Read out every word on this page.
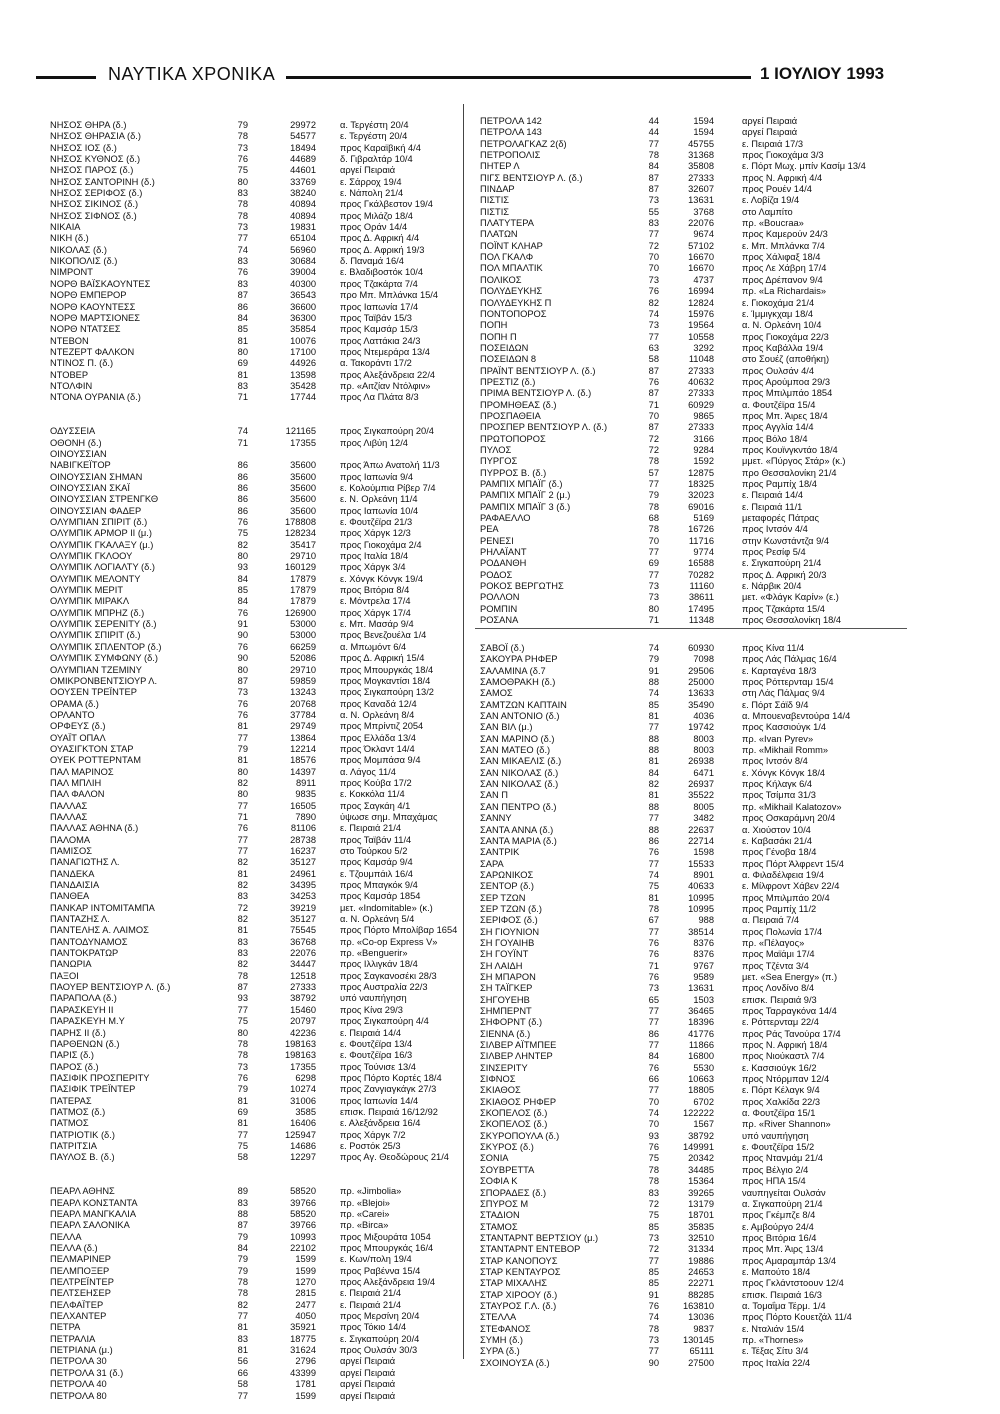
ΝΑΥΤΙΚΑ ΧΡΟΝΙΚΑ	1 ΙΟΥΛΙΟΥ 1993
ΝΗΣΟΣ ΘΗΡΑ (δ.)	79	29972	α. Τεργέστη 20/4
ΝΗΣΟΣ ΘΗΡΑΣΙΑ (δ.)	78	54577	ε. Τεργέστη 20/4
ΝΗΣΟΣ ΙΟΣ (δ.)	73	18494	προς Καραϊβική 4/4
ΝΗΣΟΣ ΚΥΘΝΟΣ (δ.)	76	44689	δ. Γιβραλτάρ 10/4
ΝΗΣΟΣ ΠΑΡΟΣ (δ.)	75	44601	αργεί Πειραιά
ΝΗΣΟΣ ΣΑΝΤΟΡΙΝΗ (δ.)	80	33769	ε. Σάρροχ 19/4
ΝΗΣΟΣ ΣΕΡΙΦΟΣ (δ.)	83	38240	ε. Νάπολη 21/4
ΝΗΣΟΣ ΣΙΚΙΝΟΣ (δ.)	78	40894	προς Γκάλβεστον 19/4
ΝΗΣΟΣ ΣΙΦΝΟΣ (δ.)	78	40894	προς Μιλάζο 18/4
ΝΙΚΑΙΑ	73	19831	προς Οράν 14/4
ΝΙΚΗ (δ.)	77	65104	προς Δ. Αφρική 4/4
ΝΙΚΟΛΑΣ (δ.)	74	56960	προς Δ. Αφρική 19/3
ΝΙΚΟΠΟΛΙΣ (δ.)	83	30684	δ. Παναμά 16/4
ΝΙΜΡΟΝΤ	76	39004	ε. Βλαδιβοστόκ 10/4
ΝΟΡΘ ΒΑΪΣΚΑΟΥΝΤΕΣ	83	40300	προς Τζακάρτα 7/4
ΝΟΡΘ ΕΜΠΕΡΟΡ	87	36543	προ Μπ. Μπλάνκα 15/4
ΝΟΡΘ ΚΑΟΥΝΤΕΣΣ	86	36600	προς Ιαπωνία 17/4
ΝΟΡΘ ΜΑΡΤΣΙΟΝΕΣ	84	36300	προς Ταϊβάν 15/3
ΝΟΡΘ ΝΤΑΤΣΕΣ	85	35854	προς Καμσάρ 15/3
ΝΤΕΒΟΝ	81	10076	προς Λαττάκια 24/3
ΝΤΕΖΕΡΤ ΦΑΛΚΟΝ	80	17100	προς Ντεμεράρα 13/4
ΝΤΙΝΟΣ Π. (δ.)	69	44926	α. Τακοράντι 17/2
ΝΤΟΒΕΡ	81	13598	προς Αλεξάνδρεια 22/4
ΝΤΟΛΦΙΝ	83	35428	πρ. «Αιτζίαν Ντόλφιν»
ΝΤΟΝΑ ΟΥΡΑΝΙΑ (δ.)	71	17744	προς Λα Πλάτα 8/3
ΟΔΥΣΣΕΙΑ	74	121165	προς Σιγκαπούρη 20/4
ΟΘΟΝΗ (δ.)	71	17355	προς Λιβύη 12/4
ΟΙΝΟΥΣΣΙΑΝ
ΝΑΒΙΓΚΕΪΤΟΡ	86	35600	προς Άπω Ανατολή 11/3
ΟΙΝΟΥΣΣΙΑΝ ΣΗΜΑΝ	86	35600	προς Ιαπωνία 9/4
ΟΙΝΟΥΣΣΙΑΝ ΣΚΑΪ	86	35600	ε. Κολούμπια Ρίβερ 7/4
ΟΙΝΟΥΣΣΙΑΝ ΣΤΡΕΝΓΚΘ	86	35600	ε. Ν. Ορλεάνη 11/4
ΟΙΝΟΥΣΣΙΑΝ ΦΑΔΕΡ	86	35600	προς Ιαπωνία 10/4
ΟΛΥΜΠΙΑΝ ΣΠΙΡΙΤ (δ.)	76	178808	ε. Φουτζέϊρα 21/3
ΟΛΥΜΠΙΚ ΑΡΜΟΡ ΙΙ (μ.)	75	128234	προς Χάργκ 12/3
ΟΛΥΜΠΙΚ ΓΚΑΛΑΞΥ (μ.)	82	35417	προς Γιοκοχάμα 2/4
ΟΛΥΜΠΙΚ ΓΚΛΟΟΥ	80	29710	προς Ιταλία 18/4
ΟΛΥΜΠΙΚ ΛΟΓΙΑΛΤΥ (δ.)	93	160129	προς Χάργκ 3/4
ΟΛΥΜΠΙΚ ΜΕΛΟΝΤΥ	84	17879	ε. Χόνγκ Κόνγκ 19/4
ΟΛΥΜΠΙΚ ΜΕΡΙΤ	85	17879	προς Βιτόρια 8/4
ΟΛΥΜΠΙΚ ΜΙΡΑΚΛ	84	17879	ε. Μόντρελα 17/4
ΟΛΥΜΠΙΚ ΜΠΡΗΖ (δ.)	76	126900	προς Χάργκ 17/4
ΟΛΥΜΠΙΚ ΣΕΡΕΝΙΤΥ (δ.)	91	53000	ε. Μπ. Μασάρ 9/4
ΟΛΥΜΠΙΚ ΣΠΙΡΙΤ (δ.)	90	53000	προς Βενεζουέλα 1/4
ΟΛΥΜΠΙΚ ΣΠΛΕΝΤΟΡ (δ.)	76	66259	α. Μπωμόντ 6/4
ΟΛΥΜΠΙΚ ΣΥΜΦΩΝΥ (δ.)	90	52086	προς Δ. Αφρική 15/4
ΟΛΥΜΠΙΑΝ ΤΖΕΜΙΝΥ	80	29710	προς Μπουργκάς 18/4
ΟΜΙΚΡΟΝΒΕΝΤΣΙΟΥΡ Λ.	87	59859	προς Μογκαντίσι 18/4
ΟΟΥΣΕΝ ΤΡΕΪΝΤΕΡ	73	13243	προς Σιγκαπούρη 13/2
ΟΡΑΜΑ (δ.)	76	20768	προς Καναδά 12/4
ΟΡΛΑΝΤΟ	76	37784	α. Ν. Ορλεάνη 8/4
ΟΡΦΕΥΣ (δ.)	81	29749	προς Μπρίντιζ 2054
ΟΥΑΪΤ ΟΠΑΛ	77	13864	προς Ελλάδα 13/4
ΟΥΑΣΙΓΚΤΟΝ ΣΤΑΡ	79	12214	προς Όκλαντ 14/4
ΟΥΕΚ ΡΟΤΤΕΡΝΤΑΜ	81	18576	προς Μομπάσα 9/4
ΠΑΛ ΜΑΡΙΝΟΣ	80	14397	α. Λάγος 11/4
ΠΑΛ ΜΠΛΙΗ	82	8911	προς Κούβα 17/2
ΠΑΛ ΦΑΛΟΝ	80	9835	ε. Κοκκόλα 11/4
ΠΑΛΛΑΣ	77	16505	προς Σαγκάη 4/1
ΠΑΛΛΑΣ	71	7890	ύψωσε σημ. Μπαχάμας
ΠΑΛΛΑΣ ΑΘΗΝΑ (δ.)	76	81106	ε. Πειραιά 21/4
ΠΑΛΟΜΑ	77	28738	προς Ταϊβάν 11/4
ΠΑΜΙΣΟΣ	77	16237	στο Τούρκου 5/2
ΠΑΝΑΓΙΩΤΗΣ Λ.	82	35127	προς Καμσάρ 9/4
ΠΑΝΔΕΚΑ	81	24961	ε. Τζουμπάιλ 16/4
ΠΑΝΔΑΙΣΙΑ	82	34395	προς Μπαγκόκ 9/4
ΠΑΝΘΕΑ	83	34253	προς Καμσάρ 1854
ΠΑΝΚΑΡ ΙΝΤΟΜΙΤΑΜΠΑ	72	39219	μετ. «Indomitable» (κ.)
ΠΑΝΤΑΖΗΣ Λ.	82	35127	α. Ν. Ορλεάνη 5/4
ΠΑΝΤΕΛΗΣ Α. ΛΑΙΜΟΣ	81	75545	προς Πόρτο Μπολίβαρ 1654
ΠΑΝΤΟΔΥΝΑΜΟΣ	83	36768	πρ. «Co-op Express V»
ΠΑΝΤΟΚΡΑΤΩΡ	83	22076	πρ. «Benguerir»
ΠΑΝΩΡΙΑ	82	34447	προς Ιλλιγκάν 18/4
ΠΑΞΟΙ	78	12518	προς Σαγκανοσέκι 28/3
ΠΑΟΥΕΡ ΒΕΝΤΣΙΟΥΡ Λ. (δ.)	87	27333	προς Αυστραλία 22/3
ΠΑΡΑΠΟΛΑ (δ.)	93	38792	υπό ναυπήγηση
ΠΑΡΑΣΚΕΥΗ ΙΙ	77	15460	προς Κίνα 29/3
ΠΑΡΑΣΚΕΥΗ Μ.Υ	75	20797	προς Σιγκαπούρη 4/4
ΠΑΡΗΣ ΙΙ (δ.)	80	42236	ε. Πειραιά 14/4
ΠΑΡΘΕΝΩΝ (δ.)	78	198163	ε. Φουτζέϊρα 13/4
ΠΑΡΙΣ (δ.)	78	198163	ε. Φουτζέϊρα 16/3
ΠΑΡΟΣ (δ.)	73	17355	προς Τούνισε 13/4
ΠΑΣΙΦΙΚ ΠΡΟΣΠΕΡΙΤΥ	76	6298	προς Πόρτο Κορτές 18/4
ΠΑΣΙΦΙΚ ΤΡΕΪΝΤΕΡ	79	10274	προς Ζανγιαγκάγκ 27/3
ΠΑΤΕΡΑΣ	81	31006	προς Ιαπωνία 14/4
ΠΑΤΜΟΣ (δ.)	69	3585	επισκ. Πειραιά 16/12/92
ΠΑΤΜΟΣ	81	16406	ε. Αλεξάνδρεια 16/4
ΠΑΤΡΙΟΤΙΚ (δ.)	77	125947	προς Χάργκ 7/2
ΠΑΤΡΙΤΣΙΑ	75	14686	ε. Ροστόκ 25/3
ΠΑΥΛΟΣ Β. (δ.)	58	12297	προς Αγ. Θεοδώρους 21/4
ΠΕΑΡΛ ΑΘΗΝΣ	89	58520	πρ. «Jimbolia»
ΠΕΑΡΛ ΚΟΝΣΤΑΝΤΑ	83	39766	πρ. «Blejoi»
ΠΕΑΡΛ ΜΑΝΓΚΑΛΙΑ	88	58520	πρ. «Carei»
ΠΕΑΡΛ ΣΑΛΟΝΙΚΑ	87	39766	πρ. «Birca»
ΠΕΛΛΑ	79	10993	προς Μιξουράτα 1054
ΠΕΛΛΑ (δ.)	84	22102	προς Μπουργκάς 16/4
ΠΕΛΜΑΡΙΝΕΡ	79	1599	ε. Κων/πολη 19/4
ΠΕΛΜΠΟΞΕΡ	79	1599	προς Ραβέννα 15/4
ΠΕΛΤΡΕΪΝΤΕΡ	78	1270	προς Αλεξάνδρεια 19/4
ΠΕΛΤΣΕΗΣΕΡ	78	2815	ε. Πειραιά 21/4
ΠΕΛΦΑΪΤΕΡ	82	2477	ε. Πειραιά 21/4
ΠΕΛΧΑΝΤΕΡ	77	4050	προς Μερσίνη 20/4
ΠΕΤΡΑ	81	35921	προς Τόκιο 14/4
ΠΕΤΡΑΛΙΑ	83	18775	ε. Σιγκαπούρη 20/4
ΠΕΤΡΙΑΝΑ (μ.)	81	31624	προς Ουλσάν 30/3
ΠΕΤΡΟΛΑ 30	56	2796	αργεί Πειραιά
ΠΕΤΡΟΛΑ 31 (δ.)	66	43399	αργεί Πειραιά
ΠΕΤΡΟΛΑ 40	58	1781	αργεί Πειραιά
ΠΕΤΡΟΛΑ 80	77	1599	αργεί Πειραιά
ΠΕΤΡΟΛΑ 142	44	1594	αργεί Πειραιά
ΠΕΤΡΟΛΑ 143	44	1594	αργεί Πειραιά
ΠΕΤΡΟΛΑΓΚΑΖ 2(δ)	77	45755	ε. Πειραιά 17/3
ΠΕΤΡΟΠΟΛΙΣ	78	31368	προς Γιοκοχάμα 3/3
ΠΗΤΕΡ Λ	84	35808	ε. Πόρτ Μωχ. μπίν Κασίμ 13/4
ΠΙΓΣ ΒΕΝΤΣΙΟΥΡ Λ. (δ.)	87	27333	προς Ν. Αφρική 4/4
ΠΙΝΔΑΡ	87	32607	προς Ρουέν 14/4
ΠΙΣΤΙΣ	73	13631	ε. Λοβίζα 19/4
ΠΙΣΤΙΣ	55	3768	στο Λαμπίτο
ΠΛΑΤΥΤΕΡΑ	83	22076	πρ. «Boucraa»
ΠΛΑΤΩΝ	77	9674	προς Καμερούν 24/3
ΠΟΪΝΤ ΚΛΗΑΡ	72	57102	ε. Μπ. Μπλάνκα 7/4
ΠΟΛ ΓΚΑΛΦ	70	16670	προς Χάλιφαξ 18/4
ΠΟΛ ΜΠΑΛΤΙΚ	70	16670	προς Λε Χάβρη 17/4
ΠΟΛΙΚΟΣ	73	4737	προς Δρέπανον 9/4
ΠΟΛΥΔΕΥΚΗΣ	76	16994	πρ. «La Richardais»
ΠΟΛΥΔΕΥΚΗΣ Π	82	12824	ε. Γιοκοχάμα 21/4
ΠΟΝΤΟΠΟΡΟΣ	74	15976	ε. Ίμμιγκχαμ 18/4
ΠΟΠΗ	73	19564	α. Ν. Ορλεάνη 10/4
ΠΟΠΗ Π	77	10558	προς Γιοκοχάμα 22/3
ΠΟΣΕΙΔΩΝ	63	3292	προς Καβάλλα 19/4
ΠΟΣΕΙΔΩΝ 8	58	11048	στο Σουέζ (αποθήκη)
ΠΡΑΪΝΤ ΒΕΝΤΣΙΟΥΡ Λ. (δ.)	87	27333	προς Ουλσάν 4/4
ΠΡΕΣΤΙΖ (δ.)	76	40632	προς Αρούμποα 29/3
ΠΡΙΜΑ ΒΕΝΤΣΙΟΥΡ Λ. (δ.)	87	27333	προς Μπιλμπάο 1854
ΠΡΟΜΗΘΕΑΣ (δ.)	71	60929	α. Φουτζέϊρα 15/4
ΠΡΟΣΠΑΘΕΙΑ	70	9865	προς Μπ. Άιρες 18/4
ΠΡΟΣΠΕΡ ΒΕΝΤΣΙΟΥΡ Λ. (δ.)	87	27333	προς Αγγλία 14/4
ΠΡΩΤΟΠΟΡΟΣ	72	3166	προς Βόλο 18/4
ΠΥΛΟΣ	72	9284	προς Κουϊνγκντάο 18/4
ΠΥΡΓΟΣ	78	1592	μμετ. «Πύργος Στάρ» (κ.)
ΠΥΡΡΟΣ Β. (δ.)	57	12875	προ Θεσσαλονίκη 21/4
ΡΑΜΠΙΧ ΜΠΑΪΓ (δ.)	77	18325	προς Ραμπίχ 18/4
ΡΑΜΠΙΧ ΜΠΑΪΓ 2 (μ.)	79	32023	ε. Πειραιά 14/4
ΡΑΜΠΙΧ ΜΠΑΪΓ 3 (δ.)	78	69016	ε. Πειραιά 11/1
ΡΑΦΑΕΛΛΟ	68	5169	μεταφορές Πάτρας
ΡΕΑ	78	16726	προς Ιντσόν 4/4
ΡΕΝΕΣΙ	70	11716	στην Κωνστάντζα 9/4
ΡΗΛΑΪΑΝΤ	77	9774	προς Ρεσίφ 5/4
ΡΟΔΑΝΘΗ	69	16588	ε. Σιγκαπούρη 21/4
ΡΟΔΟΣ	77	70282	προς Δ. Αφρική 20/3
ΡΟΚΟΣ ΒΕΡΓΩΤΗΣ	73	11160	ε. Νάρβικ 20/4
ΡΟΛΛΟΝ	73	38611	μετ. «Φλάγκ Καρίν» (ε.)
ΡΟΜΠΙΝ	80	17495	προς Τζακάρτα 15/4
ΡΟΣΑΝΑ	71	11348	προς Θεσσαλονίκη 18/4
ΣΑΒΟΪ (δ.)	74	60930	προς Κίνα 11/4
ΣΑΚΟΥΡΑ ΡΗΦΕΡ	79	7098	προς Λάς Πάλμας 16/4
ΣΑΛΑΜΙΝΑ (δ.7	91	29506	ε. Καρταγένα 18/3
ΣΑΜΟΘΡΑΚΗ (δ.)	88	25000	προς Ρόττερνταμ 15/4
ΣΑΜΟΣ	74	13633	στη Λάς Πάλμας 9/4
ΣΑΜΤΖΩΝ ΚΑΠΤΑΙΝ	85	35490	ε. Πόρτ Σάϊδ 9/4
ΣΑΝ ΑΝΤΟΝΙΟ (δ.)	81	4036	α. Μπουεναβεντούρα 14/4
ΣΑΝ ΒΙΛ (μ.)	77	19742	προς Κασσιούγκ 1/4
ΣΑΝ ΜΑΡΙΝΟ (δ.)	88	8003	πρ. «Ivan Pyrev»
ΣΑΝ ΜΑΤΕΟ (δ.)	88	8003	πρ. «Mikhail Romm»
ΣΑΝ ΜΙΚΑΕΛΙΣ (δ.)	81	26938	προς Ιντσόν 8/4
ΣΑΝ ΝΙΚΟΛΑΣ (δ.)	84	6471	ε. Χόνγκ Κόνγκ 18/4
ΣΑΝ ΝΙΚΟΛΑΣ (δ.)	82	26937	προς Κήλαγκ 6/4
ΣΑΝ Π	81	35522	προς Τσίμπα 31/3
ΣΑΝ ΠΕΝΤΡΟ (δ.)	88	8005	πρ. «Mikhail Kalatozov»
ΣΑΝΝΥ	77	3482	προς Οσκαράμνη 20/4
ΣΑΝΤΑ ΑΝΝΑ (δ.)	88	22637	α. Χιούστον 10/4
ΣΑΝΤΑ ΜΑΡΙΑ (δ.)	86	22714	ε. Καβασάκι 21/4
ΣΑΝΤΡΙΚ	76	1598	προς Γένοβα 18/4
ΣΑΡΑ	77	15533	προς Πόρτ Άλφρεντ 15/4
ΣΑΡΩΝΙΚΟΣ	74	8901	α. Φιλαδέλφεια 19/4
ΣΕΝΤΟΡ (δ.)	75	40633	ε. Μίλφροντ Χάβεν 22/4
ΣΕΡ ΤΖΩΝ	81	10995	προς Μπιλμπάο 20/4
ΣΕΡ ΤΖΩΝ (δ.)	78	10995	προς Ραμπίχ 11/2
ΣΕΡΙΦΟΣ (δ.)	67	988	α. Πειραιά 7/4
ΣΗ ΓΙΟΥΝΙΟΝ	77	38514	προς Πολωνία 17/4
ΣΗ ΓΟΥΑΙΗΒ	76	8376	πρ. «Πέλαγος»
ΣΗ ΓΟΥΪΝΤ	76	8376	προς Μαϊάμι 17/4
ΣΗ ΛΑΙΔΗ	71	9767	προς Τζέντα 3/4
ΣΗ ΜΠΑΡΟΝ	76	9589	μετ. «Sea Energy» (π.)
ΣΗ ΤΑΪΓΚΕΡ	73	13631	προς Λονδίνο 8/4
ΣΗΓΟΥΕΗΒ	65	1503	επισκ. Πειραιά 9/3
ΣΗΜΠΕΡΝΤ	77	36465	προς Ταρραγκόνα 14/4
ΣΗΦΟΡΝΤ (δ.)	77	18396	ε. Ρόττερνταμ 22/4
ΣΙΕΝΝΑ (δ.)	86	41776	προς Ράς Τανούρα 17/4
ΣΙΛΒΕΡ ΑΪΤΜΠΕΕ	77	11866	προς Ν. Αφρική 18/4
ΣΙΛΒΕΡ ΛΗΝΤΕΡ	84	16800	προς Νιούκαστλ 7/4
ΣΙΝΣΕΡΙΤΥ	76	5530	ε. Κασσιούγκ 16/2
ΣΙΦΝΟΣ	66	10663	προς Ντόρμπαν 12/4
ΣΚΙΑΘΟΣ	77	18805	ε. Πόρτ Κέλαγκ 9/4
ΣΚΙΑΘΟΣ ΡΗΦΕΡ	70	6702	προς Χαλκίδα 22/3
ΣΚΟΠΕΛΟΣ (δ.)	74	122222	α. Φουτζέϊρα 15/1
ΣΚΟΠΕΛΟΣ (δ.)	70	1567	πρ. «River Shannon»
ΣΚΥΡΟΠΟΥΛΑ (δ.)	93	38792	υπό ναυπήγηση
ΣΚΥΡΟΣ (δ.)	76	149991	ε. Φουτζέϊρα 15/2
ΣΟΝΙΑ	75	20342	προς Ντανμάμ 21/4
ΣΟΥΒΡΕΤΤΑ	78	34485	προς Βέλγιο 2/4
ΣΟΦΙΑ Κ	78	15364	προς ΗΠΑ 15/4
ΣΠΟΡΑΔΕΣ (δ.)	83	39265	ναυπηγείται Ουλσάν
ΣΠΥΡΟΣ Μ	72	13179	α. Σιγκαπούρη 21/4
ΣΤΑΔΙΟΝ	75	18701	προς Γκέμπζε 8/4
ΣΤΑΜΟΣ	85	35835	ε. Αμβούργο 24/4
ΣΤΑΝΤΑΡΝΤ ΒΕΡΤΣΙΟΥ (μ.)	73	32510	προς Βιτόρια 16/4
ΣΤΑΝΤΑΡΝΤ ΕΝΤΕΒΟΡ	72	31334	προς Μπ. Άιρς 13/4
ΣΤΑΡ ΚΑΝΟΠΟΥΣ	77	19886	προς Αμαραμπάρ 13/4
ΣΤΑΡ ΚΕΝΤΑΥΡΟΣ	85	24653	ε. Μαπούτο 18/4
ΣΤΑΡ ΜΙΧΑΛΗΣ	85	22271	προς Γκλάντστοουν 12/4
ΣΤΑΡ ΧΙΡΟΟΥ (δ.)	91	88285	επισκ. Πειραιά 16/3
ΣΤΑΥΡΟΣ Γ.Λ. (δ.)	76	163810	α. Τομαΐμα Τέρμ. 1/4
ΣΤΕΛΛΑ	74	13036	προς Πόρτο Κουετζάλ 11/4
ΣΤΕΦΑΝΟΣ	78	9837	ε. Νταλιάν 15/4
ΣΥΜΗ (δ.)	73	130145	πρ. «Thornes»
ΣΥΡΑ (δ.)	77	65111	ε. Τέξας Σίτυ 3/4
ΣΧΟΙΝΟΥΣΑ (δ.)	90	27500	προς Ιταλία 22/4
